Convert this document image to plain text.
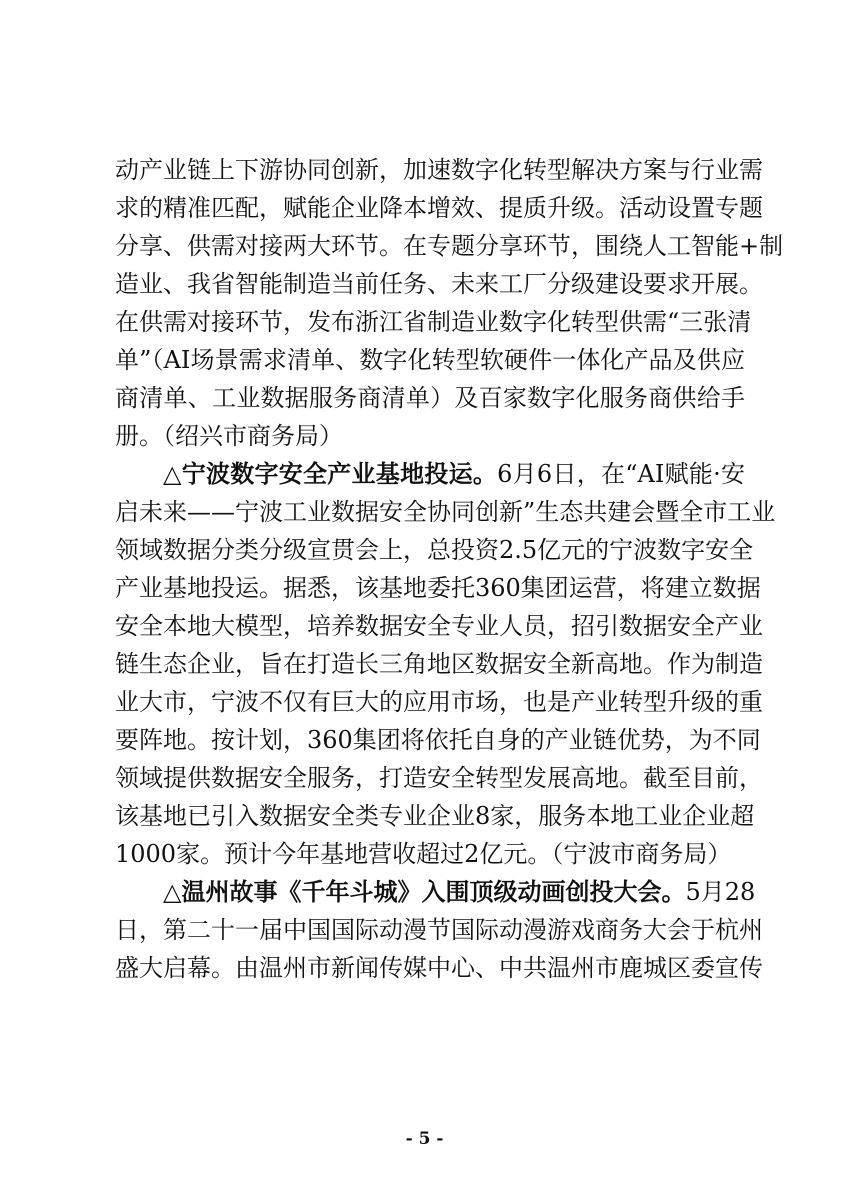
动产业链上下游协同创新，加速数字化转型解决方案与行业需
求的精准匹配，赋能企业降本增效、提质升级。活动设置专题
分享、供需对接两大环节。在专题分享环节，围绕人工智能+制
造业、我省智能制造当前任务、未来工厂分级建设要求开展。
在供需对接环节，发布浙江省制造业数字化转型供需“三张清
单”（AI场景需求清单、数字化转型软硬件一体化产品及供应
商清单、工业数据服务商清单）及百家数字化服务商供给手
册。（绍兴市商务局）
△宁波数字安全产业基地投运。6月6日，在“AI赋能·安
启未来——宁波工业数据安全协同创新”生态共建会暨全市工业
领域数据分类分级宣贯会上，总投资2.5亿元的宁波数字安全
产业基地投运。据悉，该基地委托360集团运营，将建立数据
安全本地大模型，培养数据安全专业人员，招引数据安全产业
链生态企业，旨在打造长三角地区数据安全新高地。作为制造
业大市，宁波不仅有巨大的应用市场，也是产业转型升级的重
要阵地。按计划，360集团将依托自身的产业链优势，为不同
领域提供数据安全服务，打造安全转型发展高地。截至目前，
该基地已引入数据安全类专业企业8家，服务本地工业企业超
1000家。预计今年基地营收超过2亿元。（宁波市商务局）
△温州故事《千年斗城》入围顶级动画创投大会。5月28
日，第二十一届中国国际动漫节国际动漫游戏商务大会于杭州
盛大启幕。由温州市新闻传媒中心、中共温州市鹿城区委宣传
- 5 -
